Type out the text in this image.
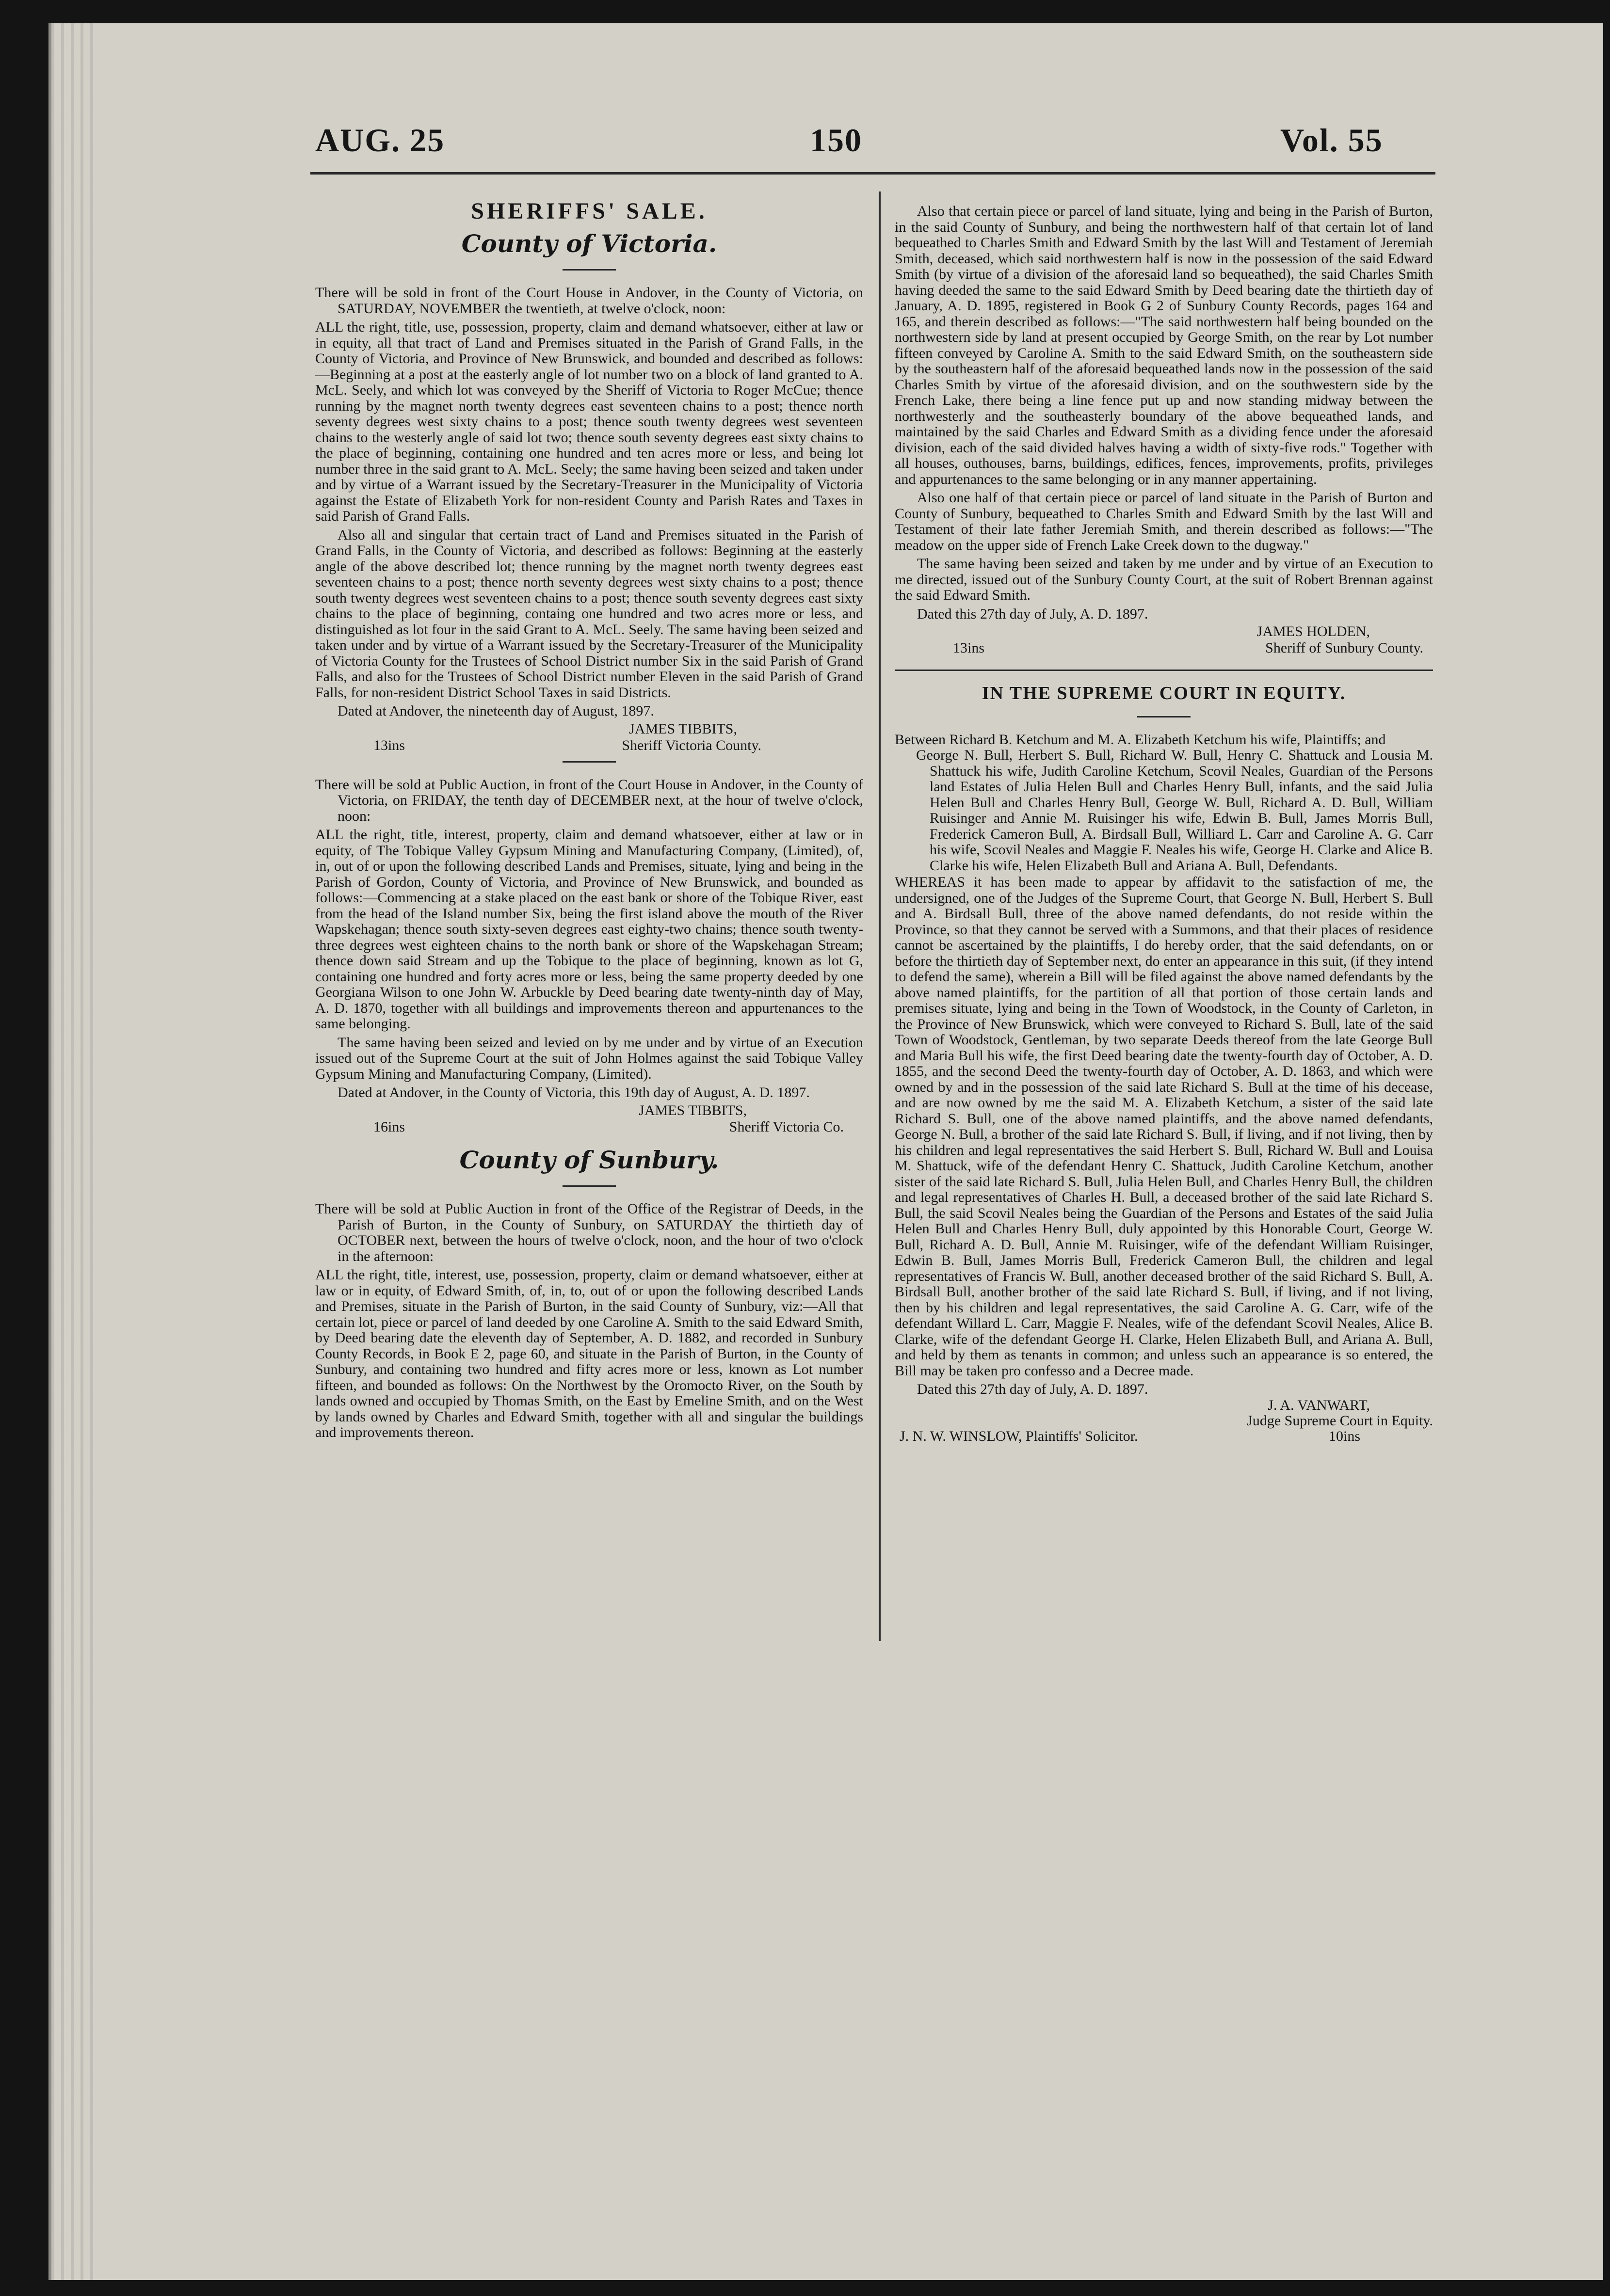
AUG. 25	150	Vol. 55
SHERIFFS' SALE.
County of Victoria.

There will be sold in front of the Court House in Andover, in the County of Victoria, on SATURDAY, NOVEMBER the twentieth, at twelve o'clock, noon:

ALL the right, title, use, possession, property, claim and demand whatsoever, either at law or in equity, all that tract of Land and Premises situated in the Parish of Grand Falls, in the County of Victoria, and Province of New Brunswick, and bounded and described as follows:—Beginning at a post at the easterly angle of lot number two on a block of land granted to A. McL. Seely, and which lot was conveyed by the Sheriff of Victoria to Roger McCue; thence running by the magnet north twenty degrees east seventeen chains to a post; thence north seventy degrees west sixty chains to a post; thence south twenty degrees west seventeen chains to the westerly angle of said lot two; thence south seventy degrees east sixty chains to the place of beginning, containing one hundred and ten acres more or less, and being lot number three in the said grant to A. McL. Seely; the same having been seized and taken under and by virtue of a Warrant issued by the Secretary-Treasurer in the Municipality of Victoria against the Estate of Elizabeth York for non-resident County and Parish Rates and Taxes in said Parish of Grand Falls.

Also all and singular that certain tract of Land and Premises situated in the Parish of Grand Falls, in the County of Victoria, and described as follows: Beginning at the easterly angle of the above described lot; thence running by the magnet north twenty degrees east seventeen chains to a post; thence north seventy degrees west sixty chains to a post; thence south twenty degrees west seventeen chains to a post; thence south seventy degrees east sixty chains to the place of beginning, containg one hundred and two acres more or less, and distinguished as lot four in the said Grant to A. McL. Seely. The same having been seized and taken under and by virtue of a Warrant issued by the Secretary-Treasurer of the Municipality of Victoria County for the Trustees of School District number Six in the said Parish of Grand Falls, and also for the Trustees of School District number Eleven in the said Parish of Grand Falls, for non-resident District School Taxes in said Districts.

Dated at Andover, the nineteenth day of August, 1897.

13ins
JAMES TIBBITS,
Sheriff Victoria County.

There will be sold at Public Auction, in front of the Court House in Andover, in the County of Victoria, on FRIDAY, the tenth day of DECEMBER next, at the hour of twelve o'clock, noon:

ALL the right, title, interest, property, claim and demand whatsoever, either at law or in equity, of The Tobique Valley Gypsum Mining and Manufacturing Company, (Limited), of, in, out of or upon the following described Lands and Premises, situate, lying and being in the Parish of Gordon, County of Victoria, and Province of New Brunswick, and bounded as follows:—Commencing at a stake placed on the east bank or shore of the Tobique River, east from the head of the Island number Six, being the first island above the mouth of the River Wapskehagan; thence south sixty-seven degrees east eighty-two chains; thence south twenty-three degrees west eighteen chains to the north bank or shore of the Wapskehagan Stream; thence down said Stream and up the Tobique to the place of beginning, known as lot G, containing one hundred and forty acres more or less, being the same property deeded by one Georgiana Wilson to one John W. Arbuckle by Deed bearing date twenty-ninth day of May, A. D. 1870, together with all buildings and improvements thereon and appurtenances to the same belonging.

The same having been seized and levied on by me under and by virtue of an Execution issued out of the Supreme Court at the suit of John Holmes against the said Tobique Valley Gypsum Mining and Manufacturing Company, (Limited).

Dated at Andover, in the County of Victoria, this 19th day of August, A. D. 1897.

16ins
JAMES TIBBITS,
Sheriff Victoria Co.
County of Sunbury.

There will be sold at Public Auction in front of the Office of the Registrar of Deeds, in the Parish of Burton, in the County of Sunbury, on SATURDAY the thirtieth day of OCTOBER next, between the hours of twelve o'clock, noon, and the hour of two o'clock in the afternoon:

ALL the right, title, interest, use, possession, property, claim or demand whatsoever, either at law or in equity, of Edward Smith, of, in, to, out of or upon the following described Lands and Premises, situate in the Parish of Burton, in the said County of Sunbury, viz:—All that certain lot, piece or parcel of land deeded by one Caroline A. Smith to the said Edward Smith, by Deed bearing date the eleventh day of September, A. D. 1882, and recorded in Sunbury County Records, in Book E 2, page 60, and situate in the Parish of Burton, in the County of Sunbury, and containing two hundred and fifty acres more or less, known as Lot number fifteen, and bounded as follows: On the Northwest by the Oromocto River, on the South by lands owned and occupied by Thomas Smith, on the East by Emeline Smith, and on the West by lands owned by Charles and Edward Smith, together with all and singular the buildings and improvements thereon.

Also that certain piece or parcel of land situate, lying and being in the Parish of Burton, in the said County of Sunbury, and being the northwestern half of that certain lot of land bequeathed to Charles Smith and Edward Smith by the last Will and Testament of Jeremiah Smith, deceased, which said northwestern half is now in the possession of the said Edward Smith (by virtue of a division of the aforesaid land so bequeathed), the said Charles Smith having deeded the same to the said Edward Smith by Deed bearing date the thirtieth day of January, A. D. 1895, registered in Book G 2 of Sunbury County Records, pages 164 and 165, and therein described as follows:—"The said northwestern half being bounded on the northwestern side by land at present occupied by George Smith, on the rear by Lot number fifteen conveyed by Caroline A. Smith to the said Edward Smith, on the southeastern side by the southeastern half of the aforesaid bequeathed lands now in the possession of the said Charles Smith by virtue of the aforesaid division, and on the southwestern side by the French Lake, there being a line fence put up and now standing midway between the northwesterly and the southeasterly boundary of the above bequeathed lands, and maintained by the said Charles and Edward Smith as a dividing fence under the aforesaid division, each of the said divided halves having a width of sixty-five rods." Together with all houses, outhouses, barns, buildings, edifices, fences, improvements, profits, privileges and appurtenances to the same belonging or in any manner appertaining.

Also one half of that certain piece or parcel of land situate in the Parish of Burton and County of Sunbury, bequeathed to Charles Smith and Edward Smith by the last Will and Testament of their late father Jeremiah Smith, and therein described as follows:—"The meadow on the upper side of French Lake Creek down to the dugway."

The same having been seized and taken by me under and by virtue of an Execution to me directed, issued out of the Sunbury County Court, at the suit of Robert Brennan against the said Edward Smith.

Dated this 27th day of July, A. D. 1897.

13ins
JAMES HOLDEN,
Sheriff of Sunbury County.
IN THE SUPREME COURT IN EQUITY.

Between Richard B. Ketchum and M. A. Elizabeth Ketchum his wife, Plaintiffs; and

George N. Bull, Herbert S. Bull, Richard W. Bull, Henry C. Shattuck and Lousia M. Shattuck his wife, Judith Caroline Ketchum, Scovil Neales, Guardian of the Persons land Estates of Julia Helen Bull and Charles Henry Bull, infants, and the said Julia Helen Bull and Charles Henry Bull, George W. Bull, Richard A. D. Bull, William Ruisinger and Annie M. Ruisinger his wife, Edwin B. Bull, James Morris Bull, Frederick Cameron Bull, A. Birdsall Bull, Williard L. Carr and Caroline A. G. Carr his wife, Scovil Neales and Maggie F. Neales his wife, George H. Clarke and Alice B. Clarke his wife, Helen Elizabeth Bull and Ariana A. Bull, Defendants.

WHEREAS it has been made to appear by affidavit to the satisfaction of me, the undersigned, one of the Judges of the Supreme Court, that George N. Bull, Herbert S. Bull and A. Birdsall Bull, three of the above named defendants, do not reside within the Province, so that they cannot be served with a Summons, and that their places of residence cannot be ascertained by the plaintiffs, I do hereby order, that the said defendants, on or before the thirtieth day of September next, do enter an appearance in this suit, (if they intend to defend the same), wherein a Bill will be filed against the above named defendants by the above named plaintiffs, for the partition of all that portion of those certain lands and premises situate, lying and being in the Town of Woodstock, in the County of Carleton, in the Province of New Brunswick, which were conveyed to Richard S. Bull, late of the said Town of Woodstock, Gentleman, by two separate Deeds thereof from the late George Bull and Maria Bull his wife, the first Deed bearing date the twenty-fourth day of October, A. D. 1855, and the second Deed the twenty-fourth day of October, A. D. 1863, and which were owned by and in the possession of the said late Richard S. Bull at the time of his decease, and are now owned by me the said M. A. Elizabeth Ketchum, a sister of the said late Richard S. Bull, one of the above named plaintiffs, and the above named defendants, George N. Bull, a brother of the said late Richard S. Bull, if living, and if not living, then by his children and legal representatives the said Herbert S. Bull, Richard W. Bull and Louisa M. Shattuck, wife of the defendant Henry C. Shattuck, Judith Caroline Ketchum, another sister of the said late Richard S. Bull, Julia Helen Bull, and Charles Henry Bull, the children and legal representatives of Charles H. Bull, a deceased brother of the said late Richard S. Bull, the said Scovil Neales being the Guardian of the Persons and Estates of the said Julia Helen Bull and Charles Henry Bull, duly appointed by this Honorable Court, George W. Bull, Richard A. D. Bull, Annie M. Ruisinger, wife of the defendant William Ruisinger, Edwin B. Bull, James Morris Bull, Frederick Cameron Bull, the children and legal representatives of Francis W. Bull, another deceased brother of the said Richard S. Bull, A. Birdsall Bull, another brother of the said late Richard S. Bull, if living, and if not living, then by his children and legal representatives, the said Caroline A. G. Carr, wife of the defendant Willard L. Carr, Maggie F. Neales, wife of the defendant Scovil Neales, Alice B. Clarke, wife of the defendant George H. Clarke, Helen Elizabeth Bull, and Ariana A. Bull, and held by them as tenants in common; and unless such an appearance is so entered, the Bill may be taken pro confesso and a Decree made.

Dated this 27th day of July, A. D. 1897.

J. A. VANWART,
Judge Supreme Court in Equity.
J. N. W. WINSLOW, Plaintiffs' Solicitor.	10ins
